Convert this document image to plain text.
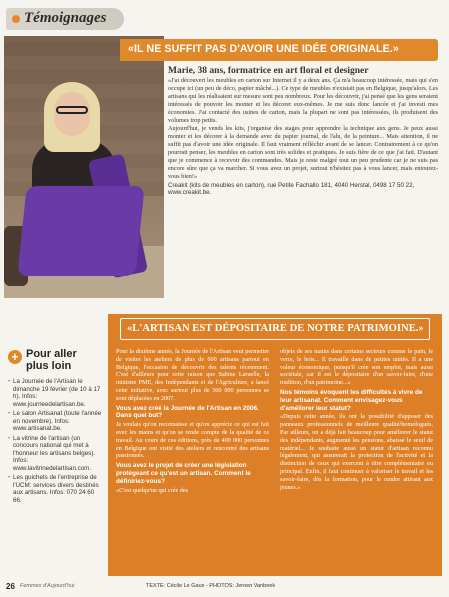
Témoignages
«IL NE SUFFIT PAS D'AVOIR UNE IDÉE ORIGINALE.»
Marie, 38 ans, formatrice en art floral et designer

«J'ai découvert les meubles en carton sur Internet il y a deux ans. Ça m'a beaucoup intéressée, mais qui s'en occupe ici (un peu de déco, papier mâché...). Ce type de meubles n'existait pas en Belgique, jusqu'alors. Les artisans qui les réalisaient sur mesure sont peu nombreux. Pour les découvrir, j'ai pensé que les gens seraient intéressés de pouvoir les monter et les décorer eux-mêmes. Je me suis donc lancée et j'ai investi mes économies. J'ai contacté des usines de carton, mais la plupart ne sont pas intéressées, ils produisent des volumes trop petits.

Aujourd'hui, je vends les kits, j'organise des stages pour apprendre la technique aux gens. Je peux aussi monter et les décorer à la demande avec du papier journal, de l'alu, de la peinture... Mais attention, il ne suffit pas d'avoir une idée originale. Il faut vraiment réfléchir avant de se lancer. Contrairement à ce qu'on pourrait penser, les meubles en carton sont très solides et pratiques. Je suis fière de ce que j'ai fait. D'autant que je commence à recevoir des commandes. Mais je reste malgré tout un peu prudente car je ne suis pas encore sûre que ça va marcher. Si vous avez un projet, surtout n'hésitez pas à vous lancer, mais entourez-vous bien!»

Creakit (kits de meubles en carton), rue Petite Fachallo 181, 4040 Herstal, 0498 17 50 22, www.creakit.be.

+ Pour aller plus loin
• La Journée de l'Artisan le dimanche 19 février (de 10 à 17 h). Infos: www.journeedelartisan.be.
• Le salon Artisanat (toute l'année en novembre). Infos: www.artisanat.be.
• La vitrine de l'artisan (un concours national qui met à l'honneur les artisans belges). Infos: www.lavitrinedelartisan.com.
• Les guichets de l'entreprise de l'UCM: services divers destinés aux artisans. Infos: 070 24 60 66.
«L'ARTISAN EST DÉPOSITAIRE DE NOTRE PATRIMOINE.»

Pour la dixième année, la Journée de l'Artisan veut permettre de visiter les ateliers de plus de 600 artisans partout en Belgique, l'occasion de découvrir des talents récemment. C'est d'ailleurs pour cette raison que Sabine Laruelle, la ministre PME, des Indépendants et de l'Agriculture, a lancé cette initiative, avec surtout plus de 500 000 personnes se sont déplacées en 2007.

Vous avez créé la Journée de l'Artisan en 2006. Dans quel but?

Je voulais qu'on reconnaisse et qu'on apprécie ce qui est fait avec les mains et qu'on se rende compte de la qualité de ce travail. Au cours de ces éditions, près de 400 000 personnes en Belgique ont visité des ateliers et rencontré des artisans passionnés.

Vous avez le projet de créer une législation protégeant ce qu'est un artisan. Comment le définiriez-vous?

«C'est quelqu'un qui crée des

objets de ses mains dans certains secteurs comme le pain, le verre, le bois... Il travaille dans de petites unités. Il a une valeur économique, puisqu'il crée son emploi, mais aussi sociétale, car il est le dépositaire d'un savoir-faire, d'une tradition, d'un patrimoine...»

Nos témoins évoquent les difficultés à vivre de leur artisanat. Comment envisagez-vous d'améliorer leur statut?

«Depuis cette année, ils ont la possibilité d'apposer des panneaux professionnels de meilleure qualité/homologués. Par ailleurs, on a déjà fait beaucoup pour améliorer le statut des indépendants, augmenté les pensions, abaissé le seuil de matériel... Je souhaite aussi un statut d'artisan reconnu légalement, qui assurerait la protection de l'activité et la distinction de ceux qui exercent à titre complémentaire ou principal. Enfin, il faut continuer à valoriser le travail et les savoir-faire, dès la formation, pour le rendre attirant aux jeunes.»

26 Femmes d'Aujourd'hui	TEXTE: Cécile Le Gaux - PHOTOS: Jeroen Vanbeek
